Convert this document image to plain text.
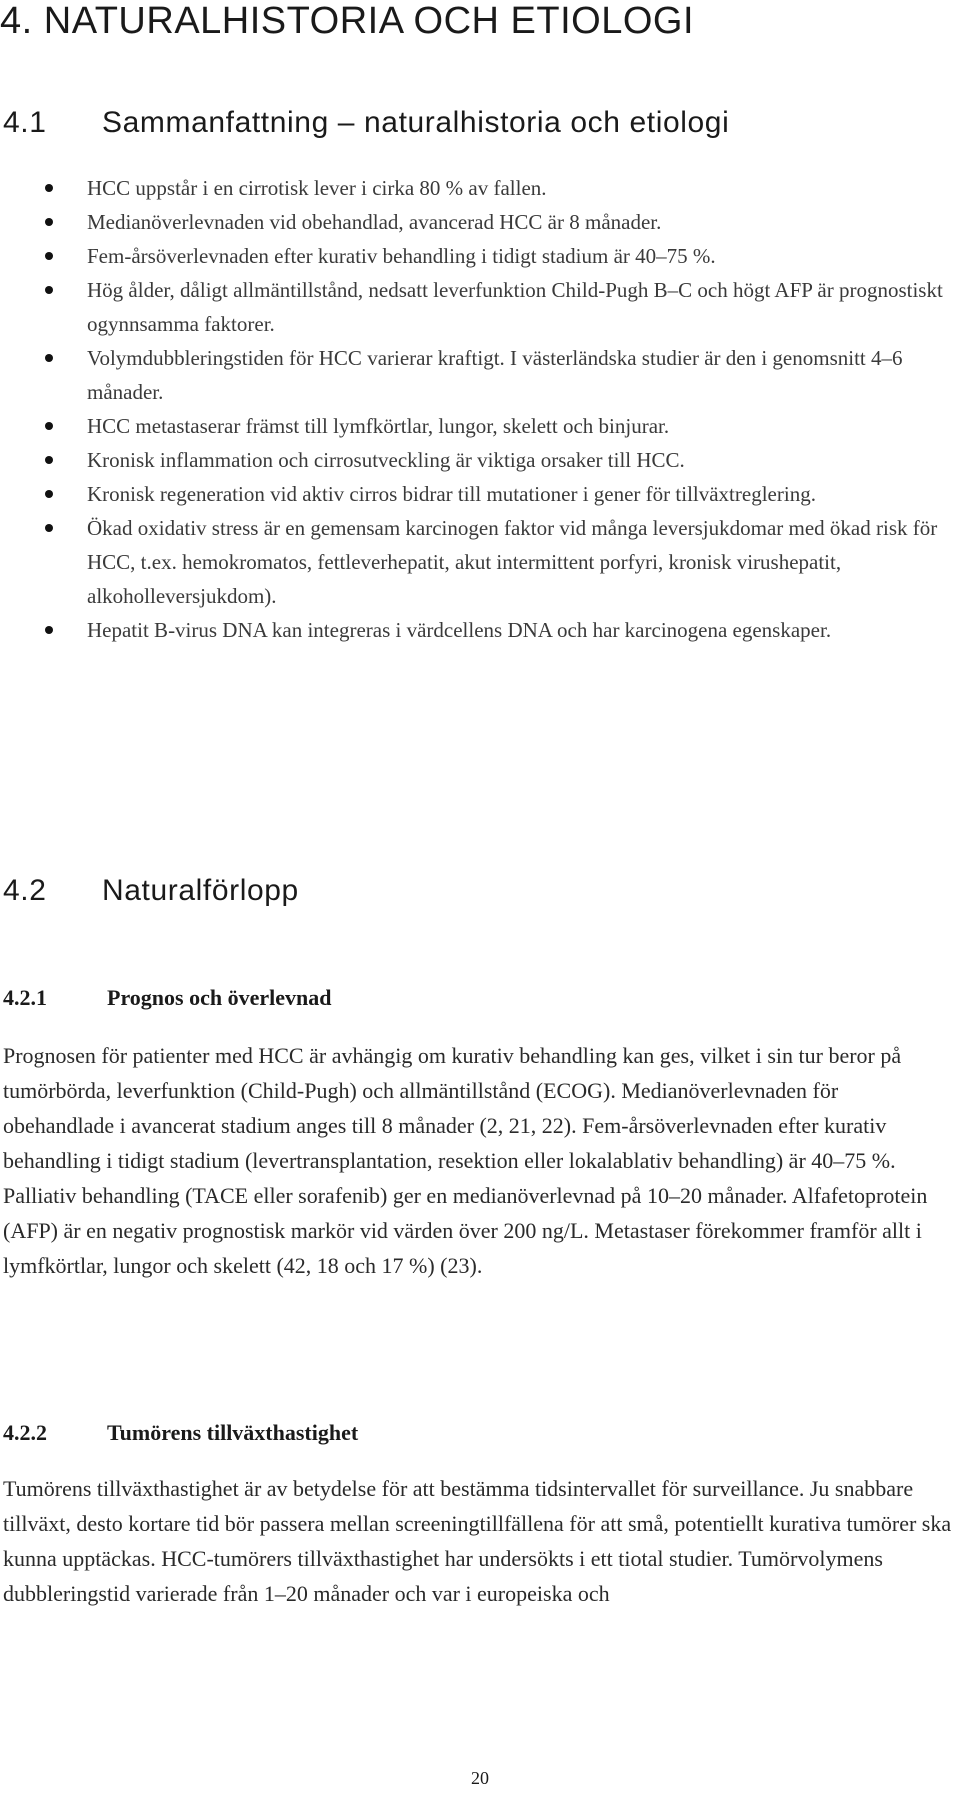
4. NATURALHISTORIA OCH ETIOLOGI
4.1 Sammanfattning – naturalhistoria och etiologi
HCC uppstår i en cirrotisk lever i cirka 80 % av fallen.
Medianöverlevnaden vid obehandlad, avancerad HCC är 8 månader.
Fem-årsöverlevnaden efter kurativ behandling i tidigt stadium är 40–75 %.
Hög ålder, dåligt allmäntillstånd, nedsatt leverfunktion Child-Pugh B–C och högt AFP är prognostiskt ogynnsamma faktorer.
Volymdubbleringstiden för HCC varierar kraftigt. I västerländska studier är den i genomsnitt 4–6 månader.
HCC metastaserar främst till lymfkörtlar, lungor, skelett och binjurar.
Kronisk inflammation och cirrosutveckling är viktiga orsaker till HCC.
Kronisk regeneration vid aktiv cirros bidrar till mutationer i gener för tillväxtreglering.
Ökad oxidativ stress är en gemensam karcinogen faktor vid många leversjukdomar med ökad risk för HCC, t.ex. hemokromatos, fettleverhepatit, akut intermittent porfyri, kronisk virushepatit, alkoholleversjukdom).
Hepatit B-virus DNA kan integreras i värdcellens DNA och har karcinogena egenskaper.
4.2 Naturalförlopp
4.2.1	Prognos och överlevnad

Prognosen för patienter med HCC är avhängig om kurativ behandling kan ges, vilket i sin tur beror på tumörbörda, leverfunktion (Child-Pugh) och allmäntillstånd (ECOG). Medianöverlevnaden för obehandlade i avancerat stadium anges till 8 månader (2, 21, 22). Fem-årsöverlevnaden efter kurativ behandling i tidigt stadium (levertransplantation, resektion eller lokalablativ behandling) är 40–75 %. Palliativ behandling (TACE eller sorafenib) ger en medianöverlevnad på 10–20 månader. Alfafetoprotein (AFP) är en negativ prognostisk markör vid värden över 200 ng/L. Metastaser förekommer framför allt i lymfkörtlar, lungor och skelett (42, 18 och 17 %) (23).

4.2.2	Tumörens tillväxthastighet

Tumörens tillväxthastighet är av betydelse för att bestämma tidsintervallet för surveillance. Ju snabbare tillväxt, desto kortare tid bör passera mellan screeningtillfällena för att små, potentiellt kurativa tumörer ska kunna upptäckas. HCC-tumörers tillväxthastighet har undersökts i ett tiotal studier. Tumörvolymens dubbleringstid varierade från 1–20 månader och var i europeiska och

20
